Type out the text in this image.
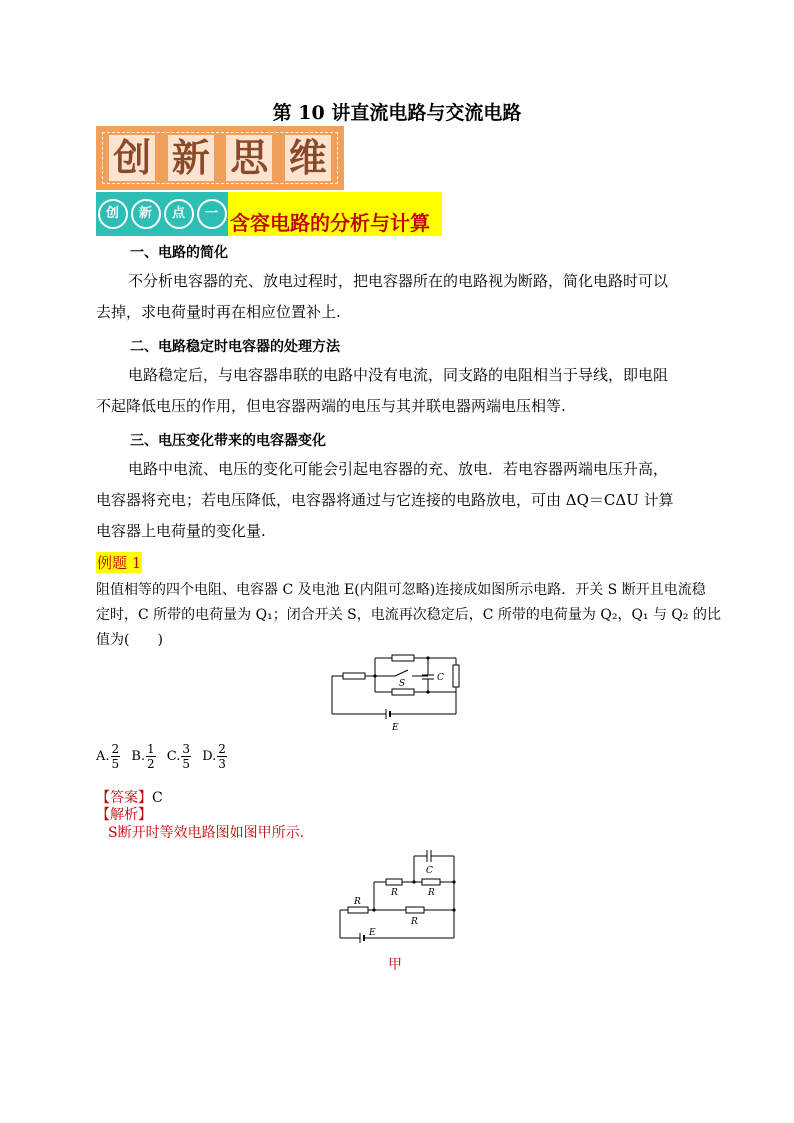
第 10 讲直流电路与交流电路
创 新 思 维
创	新	点	一 含容电路的分析与计算
一、电路的简化
不分析电容器的充、放电过程时，把电容器所在的电路视为断路，简化电路时可以
去掉，求电荷量时再在相应位置补上.
二、电路稳定时电容器的处理方法
电路稳定后，与电容器串联的电路中没有电流，同支路的电阻相当于导线，即电阻
不起降低电压的作用，但电容器两端的电压与其并联电器两端电压相等.
三、电压变化带来的电容器变化
电路中电流、电压的变化可能会引起电容器的充、放电．若电容器两端电压升高，
电容器将充电；若电压降低，电容器将通过与它连接的电路放电，可由 ΔQ＝CΔU 计算
电容器上电荷量的变化量.
例题 1
阻值相等的四个电阻、电容器 C 及电池 E(内阻可忽略)连接成如图所示电路．开关 S 断开且电流稳
定时，C 所带的电荷量为 Q₁；闭合开关 S，电流再次稳定后，C 所带的电荷量为 Q₂，Q₁ 与 Q₂ 的比
值为(　　)
S
C
E
A. $\frac{2}{5} B$. $\frac{1}{2} C$. $\frac{3}{5} D$. $\frac{2}{3}$
【答案】C
【解析】
S断开时等效电路图如图甲所示.
C
R	R
R
R
E
甲
